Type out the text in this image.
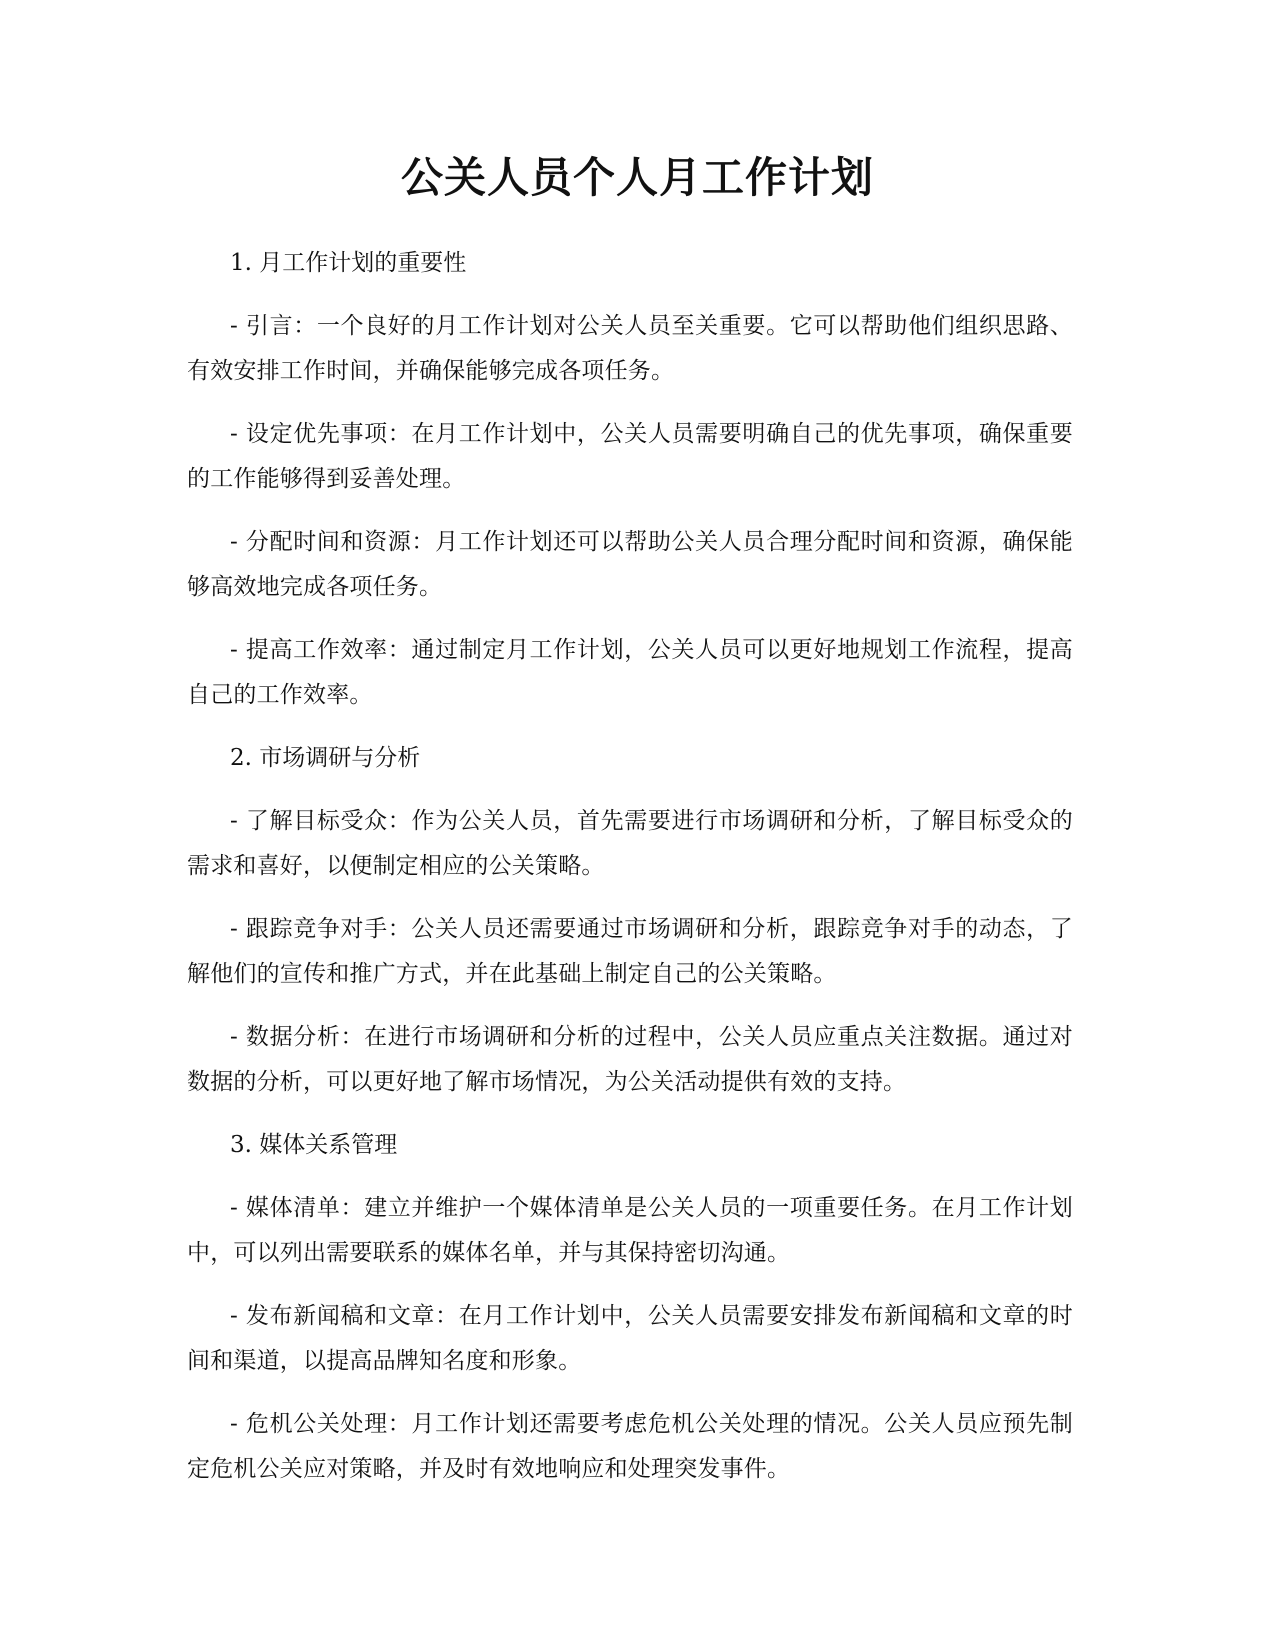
公关人员个人月工作计划

1. 月工作计划的重要性

- 引言：一个良好的月工作计划对公关人员至关重要。它可以帮助他们组织思路、有效安排工作时间，并确保能够完成各项任务。

- 设定优先事项：在月工作计划中，公关人员需要明确自己的优先事项，确保重要的工作能够得到妥善处理。

- 分配时间和资源：月工作计划还可以帮助公关人员合理分配时间和资源，确保能够高效地完成各项任务。

- 提高工作效率：通过制定月工作计划，公关人员可以更好地规划工作流程，提高自己的工作效率。

2. 市场调研与分析

- 了解目标受众：作为公关人员，首先需要进行市场调研和分析，了解目标受众的需求和喜好，以便制定相应的公关策略。

- 跟踪竞争对手：公关人员还需要通过市场调研和分析，跟踪竞争对手的动态，了解他们的宣传和推广方式，并在此基础上制定自己的公关策略。

- 数据分析：在进行市场调研和分析的过程中，公关人员应重点关注数据。通过对数据的分析，可以更好地了解市场情况，为公关活动提供有效的支持。

3. 媒体关系管理

- 媒体清单：建立并维护一个媒体清单是公关人员的一项重要任务。在月工作计划中，可以列出需要联系的媒体名单，并与其保持密切沟通。

- 发布新闻稿和文章：在月工作计划中，公关人员需要安排发布新闻稿和文章的时间和渠道，以提高品牌知名度和形象。

- 危机公关处理：月工作计划还需要考虑危机公关处理的情况。公关人员应预先制定危机公关应对策略，并及时有效地响应和处理突发事件。
